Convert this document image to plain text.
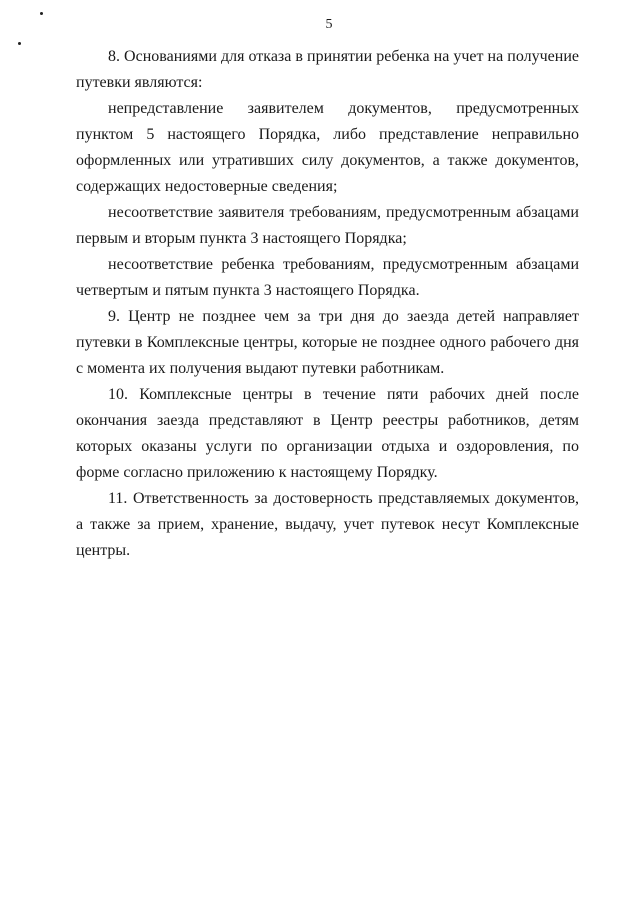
5

8. Основаниями для отказа в принятии ребенка на учет на получение путевки являются:

непредставление заявителем документов, предусмотренных пунктом 5 настоящего Порядка, либо представление неправильно оформленных или утративших силу документов, а также документов, содержащих недостоверные сведения;

несоответствие заявителя требованиям, предусмотренным абзацами первым и вторым пункта 3 настоящего Порядка;

несоответствие ребенка требованиям, предусмотренным абзацами четвертым и пятым пункта 3 настоящего Порядка.

9. Центр не позднее чем за три дня до заезда детей направляет путевки в Комплексные центры, которые не позднее одного рабочего дня с момента их получения выдают путевки работникам.

10. Комплексные центры в течение пяти рабочих дней после окончания заезда представляют в Центр реестры работников, детям которых оказаны услуги по организации отдыха и оздоровления, по форме согласно приложению к настоящему Порядку.

11. Ответственность за достоверность представляемых документов, а также за прием, хранение, выдачу, учет путевок несут Комплексные центры.
